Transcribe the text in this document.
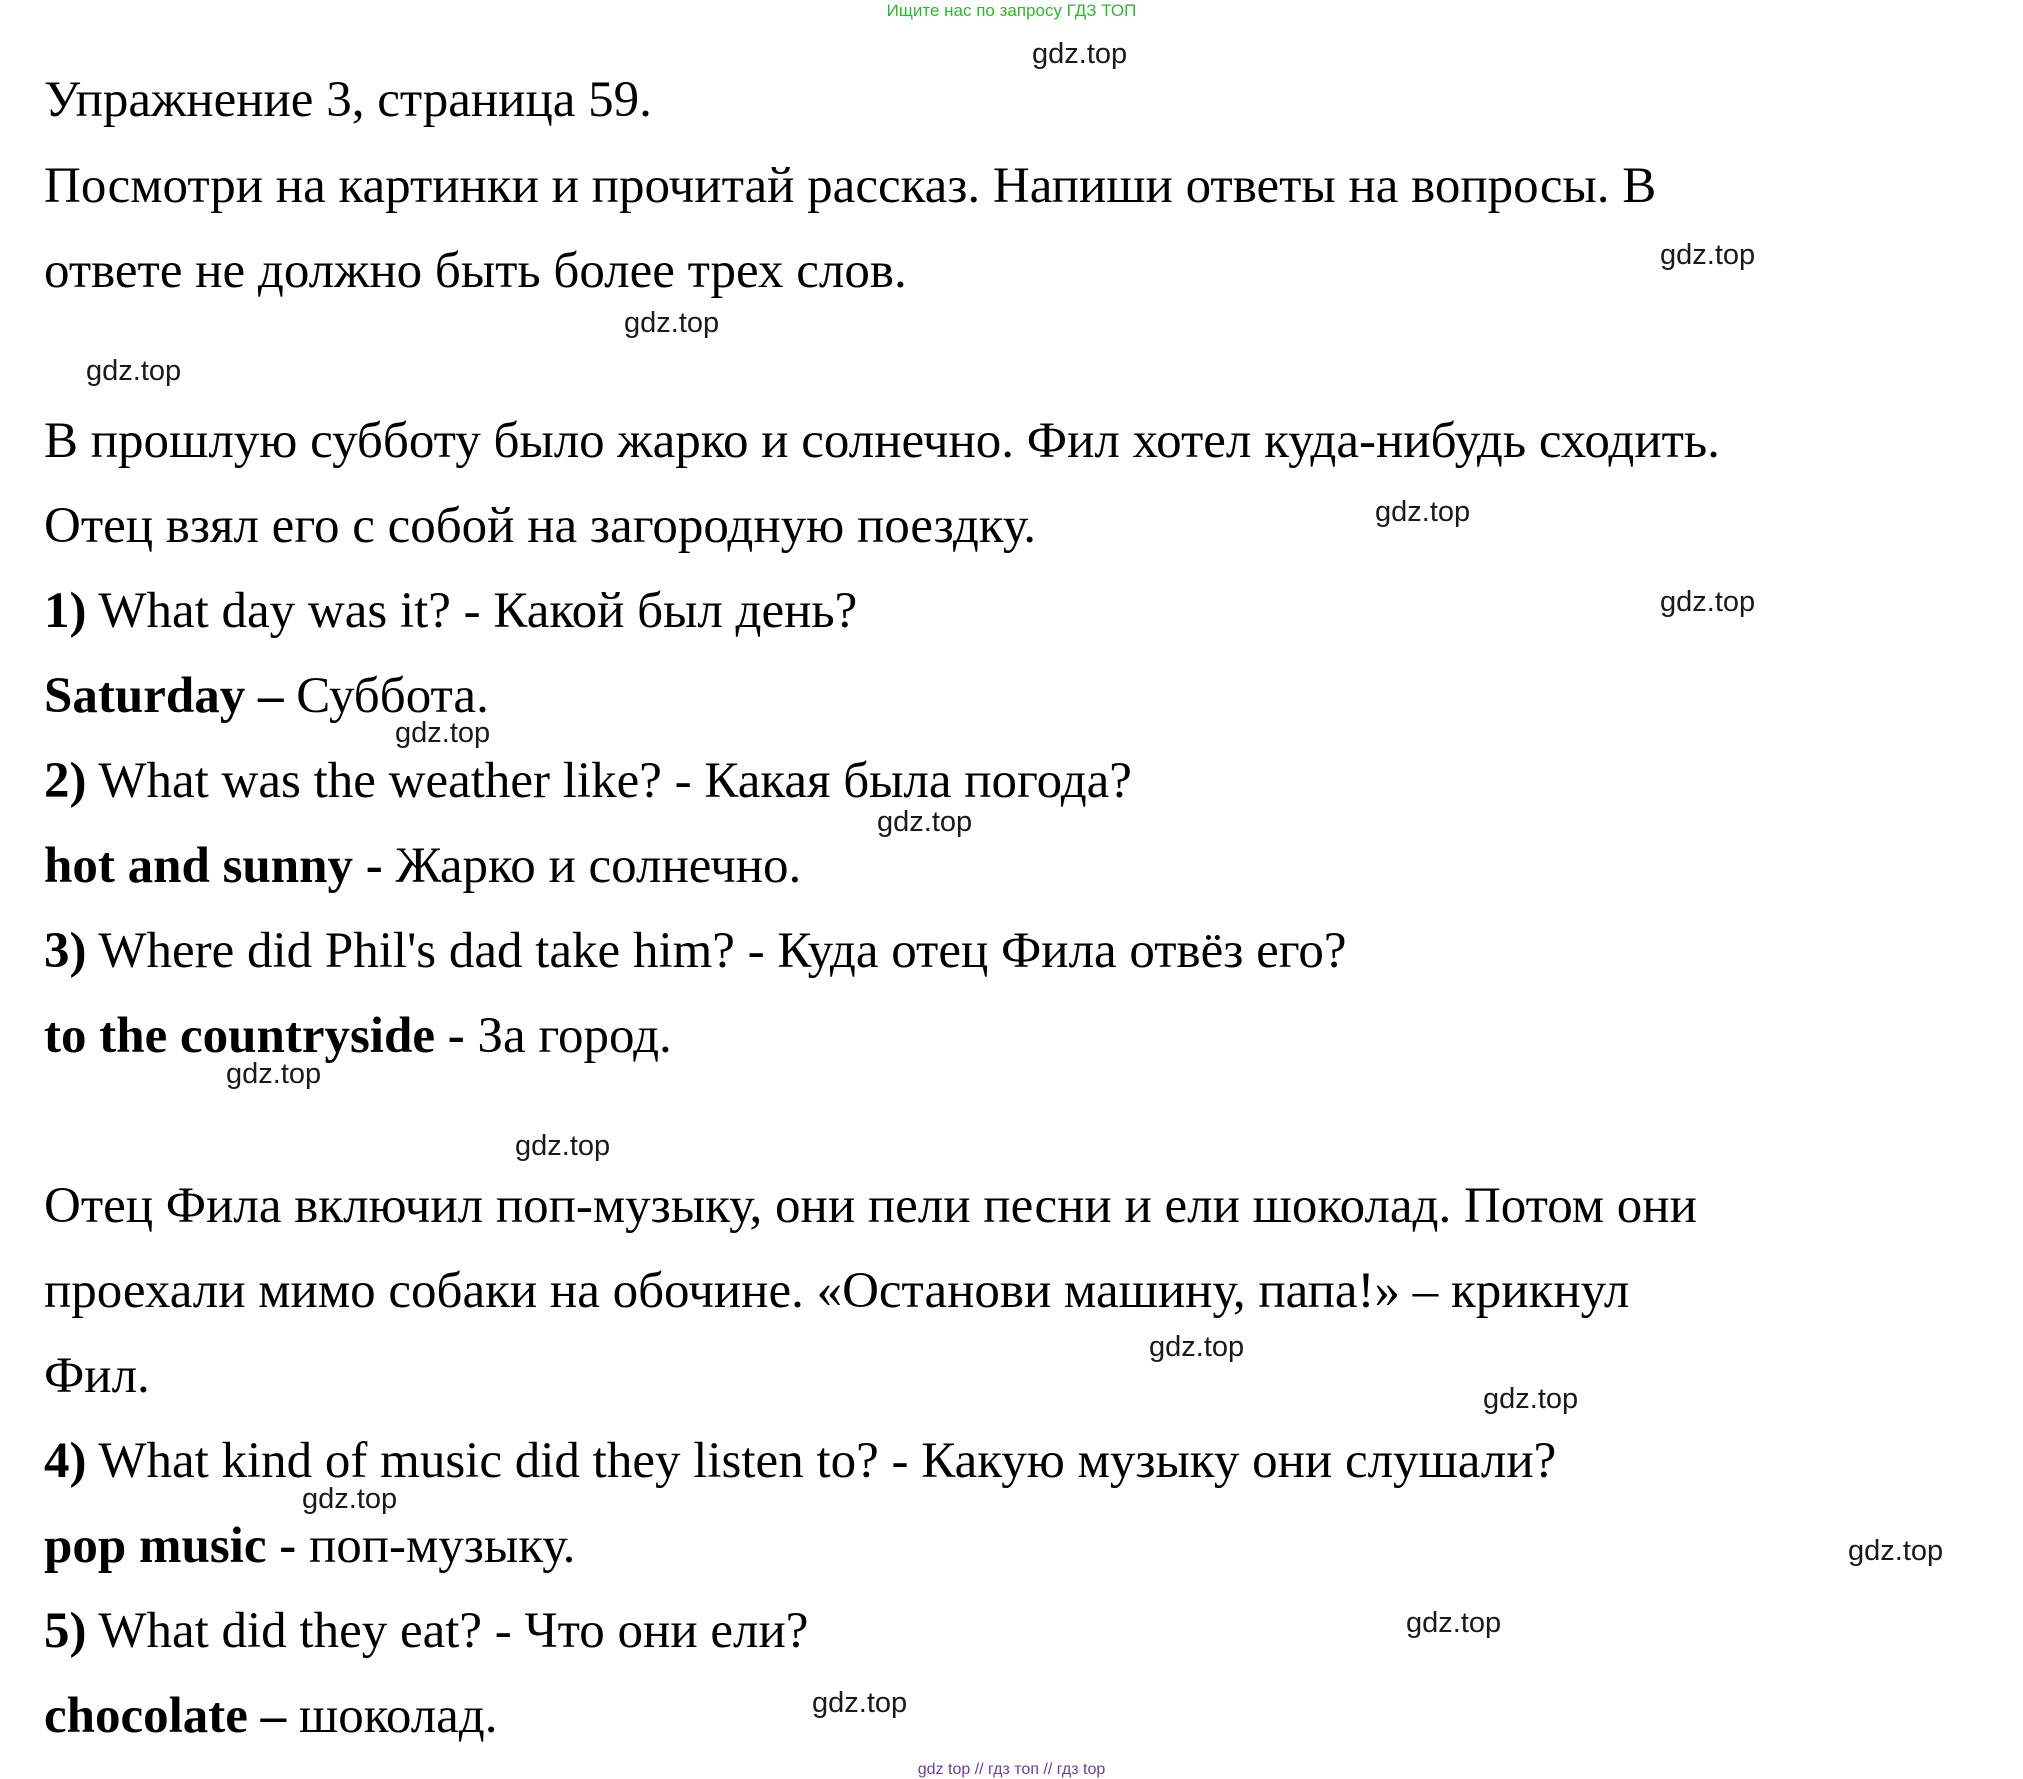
Ищите нас по запросу ГДЗ ТОП
Упражнение 3, страница 59.
Посмотри на картинки и прочитай рассказ. Напиши ответы на вопросы. В
ответе не должно быть более трех слов.
В прошлую субботу было жарко и солнечно. Фил хотел куда-нибудь сходить.
Отец взял его с собой на загородную поездку.
1) What day was it? - Какой был день?
Saturday – Суббота.
2) What was the weather like? - Какая была погода?
hot and sunny - Жарко и солнечно.
3) Where did Phil's dad take him? - Куда отец Фила отвёз его?
to the countryside - За город.
Отец Фила включил поп-музыку, они пели песни и ели шоколад. Потом они
проехали мимо собаки на обочине. «Останови машину, папа!» – крикнул
Фил.
4) What kind of music did they listen to? - Какую музыку они слушали?
pop music - поп-музыку.
5) What did they eat? - Что они ели?
chocolate – шоколад.
gdz.top
gdz.top
gdz.top
gdz.top
gdz.top
gdz.top
gdz.top
gdz.top
gdz.top
gdz.top
gdz.top
gdz.top
gdz.top
gdz.top
gdz.top
gdz.top
gdz top // гдз топ // гдз top
